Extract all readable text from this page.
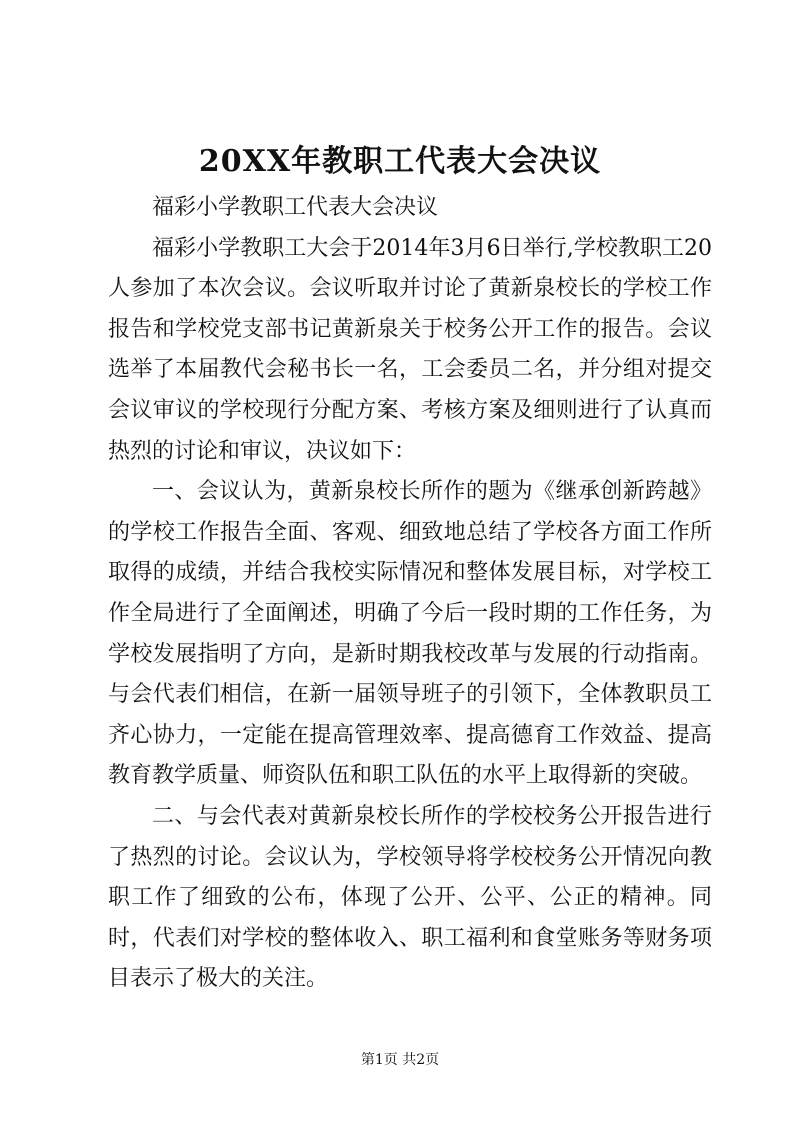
20XX年教职工代表大会决议

福彩小学教职工代表大会决议

福彩小学教职工大会于2014年3月6日举行,学校教职工20人参加了本次会议。会议听取并讨论了黄新泉校长的学校工作报告和学校党支部书记黄新泉关于校务公开工作的报告。会议选举了本届教代会秘书长一名，工会委员二名，并分组对提交会议审议的学校现行分配方案、考核方案及细则进行了认真而热烈的讨论和审议，决议如下：

一、会议认为，黄新泉校长所作的题为《继承创新跨越》的学校工作报告全面、客观、细致地总结了学校各方面工作所取得的成绩，并结合我校实际情况和整体发展目标，对学校工作全局进行了全面阐述，明确了今后一段时期的工作任务，为学校发展指明了方向，是新时期我校改革与发展的行动指南。与会代表们相信，在新一届领导班子的引领下，全体教职员工齐心协力，一定能在提高管理效率、提高德育工作效益、提高教育教学质量、师资队伍和职工队伍的水平上取得新的突破。

二、与会代表对黄新泉校长所作的学校校务公开报告进行了热烈的讨论。会议认为，学校领导将学校校务公开情况向教职工作了细致的公布，体现了公开、公平、公正的精神。同时，代表们对学校的整体收入、职工福利和食堂账务等财务项目表示了极大的关注。

第1页 共2页
